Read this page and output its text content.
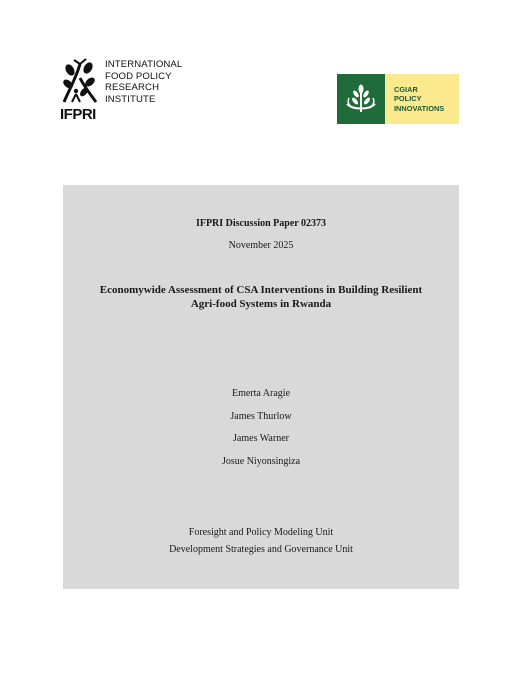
IFPRI
INTERNATIONAL
FOOD POLICY
RESEARCH
INSTITUTE
CGIAR
POLICY
INNOVATIONS
IFPRI Discussion Paper 02373
November 2025
Economywide Assessment of CSA Interventions in Building Resilient
Agri-food Systems in Rwanda
Emerta Aragie
James Thurlow
James Warner
Josue Niyonsingiza
Foresight and Policy Modeling Unit
Development Strategies and Governance Unit
